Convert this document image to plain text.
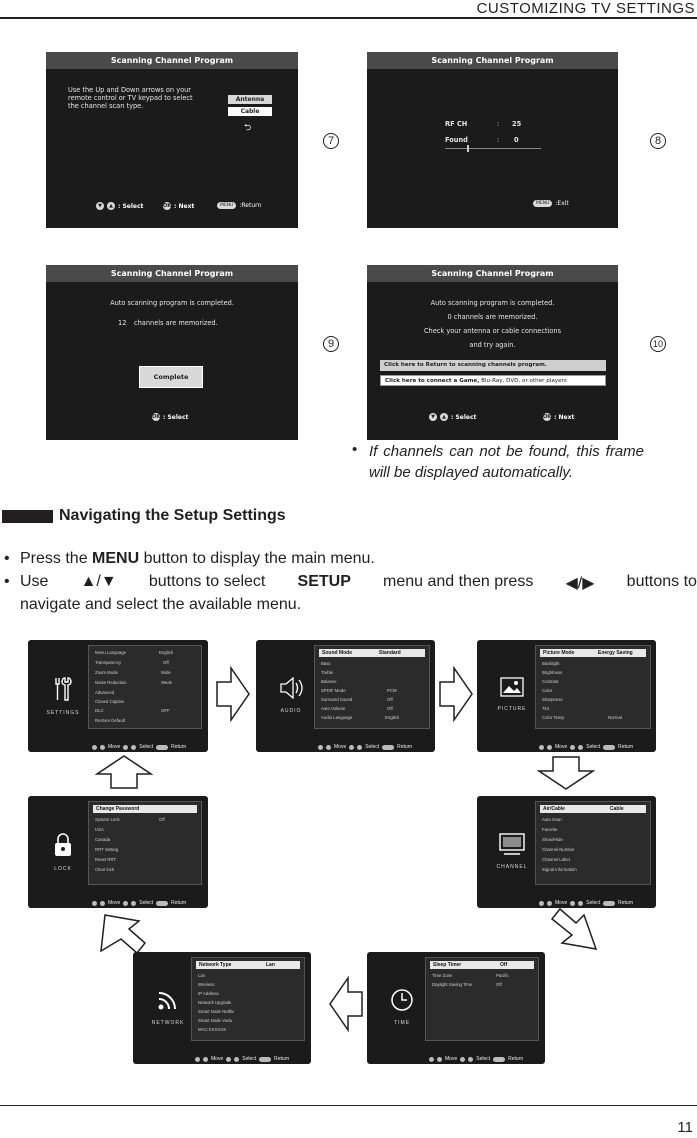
CUSTOMIZING TV SETTINGS
Scanning Channel Program
Use the Up and Down arrows on your
remote control or TV keypad to select
the channel scan type.
Antenna
Cable
⮌
▼	▲ : Select	OK : Next	MENU	:Return
Scanning Channel Program
RF CH	: 25
Found	: 0
MENU	:Exit
7	8
Scanning Channel Program
Auto scanning program is completed.
12 channels are memorized.
Complete
OK : Select
Scanning Channel Program
Auto scanning program is completed.
0 channels are memorized.
Check your antenna or cable connections
and try again.
Click here to Return to scanning channels program.
Click here to connect a Game, Blu-Ray, DVD, or other players
▼	▲ : Select	OK : Next
9	10
• If channels can not be found, this frame will be displayed automatically.
Navigating the Setup Settings
• Press the MENU button to display the main menu.
• Use ▲/▼ buttons to select SETUP menu and then press ◀/▶ buttons to
navigate and select the available menu.
SETTINGS
Menu Language	English
Transparency	Off
Zoom Mode	Wide
Noise Reduction	Weak
Advanced
Closed Caption
DLC	OFF
Restore Default
Move	Select	Return
AUDIO
Sound Mode	Standard
Bass
Treble
Balance
SPDIF Mode	PCM
Surround Sound	Off
Auto Volume	Off
Audio Language	English
Move	Select	Return
PICTURE
Picture Mode	Energy Saving
Backlight
Brightness
Contrast
Color
Sharpness
Tint
Color Temp.	Normal
Move	Select	Return
LOCK
Change Password
System Lock	Off
USA
Canada
RRT Setting
Reset RRT
Clear lock
Move	Select	Return
CHANNEL
Air/Cable	Cable
Auto Scan
Favorite
Show/Hide
Channel Number
Channel Label
Signal Information
Move	Select	Return
NETWORK
Network Type	Lan
Lan
Wireless
IP Address
Network Upgrade
Smart Node Netflix
Smart Node Vudu
MAC:XXXXXX
Move	Select	Return
TIME
Sleep Timer	Off
Time Zone	Pacific
Daylight Saving Time	Off
Move	Select	Return
11
